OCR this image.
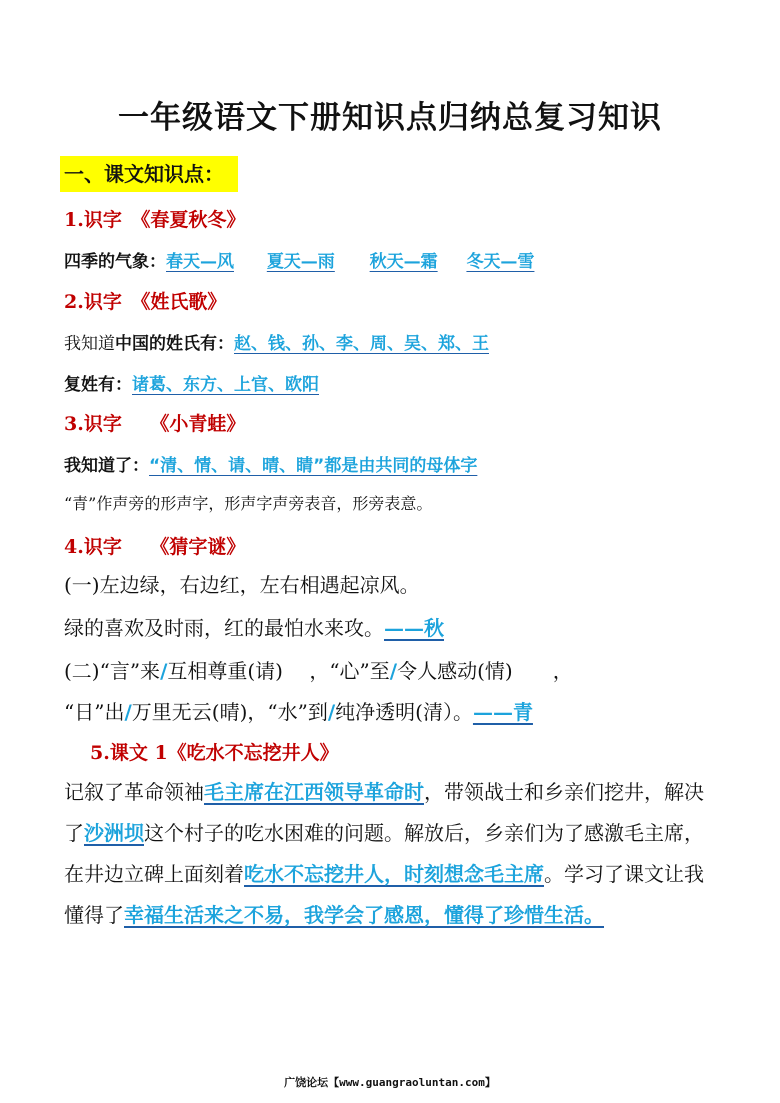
一年级语文下册知识点归纳总复习知识
一、课文知识点：
1.识字　《春夏秋冬》
四季的气象：春天—风 夏天—雨 秋天—霜 冬天—雪
2.识字　《姓氏歌》
我知道中国的姓氏有：赵、钱、孙、李、周、吴、郑、王
复姓有：诸葛、东方、上官、欧阳
3.识字　　《小青蛙》
我知道了：“清、情、请、晴、睛”都是由共同的母体字
“青”作声旁的形声字，形声字声旁表音，形旁表意。
4.识字　　《猜字谜》
(一)左边绿，右边红，左右相遇起凉风。
绿的喜欢及时雨，红的最怕水来攻。——秋
(二)“言”来/互相尊重(请)　 ，“心”至/令人感动(情)　　，
“日”出/万里无云(晴)，“水”到/纯净透明(清）。——青
5.课文 1《吃水不忘挖井人》
记叙了革命领袖毛主席在江西领导革命时，带领战士和乡亲们挖井，解决了沙洲坝这个村子的吃水困难的问题。解放后，乡亲们为了感激毛主席，在井边立碑上面刻着吃水不忘挖井人，时刻想念毛主席。学习了课文让我懂得了幸福生活来之不易，我学会了感恩，懂得了珍惜生活。
广饶论坛【www.guangraoluntan.com】
